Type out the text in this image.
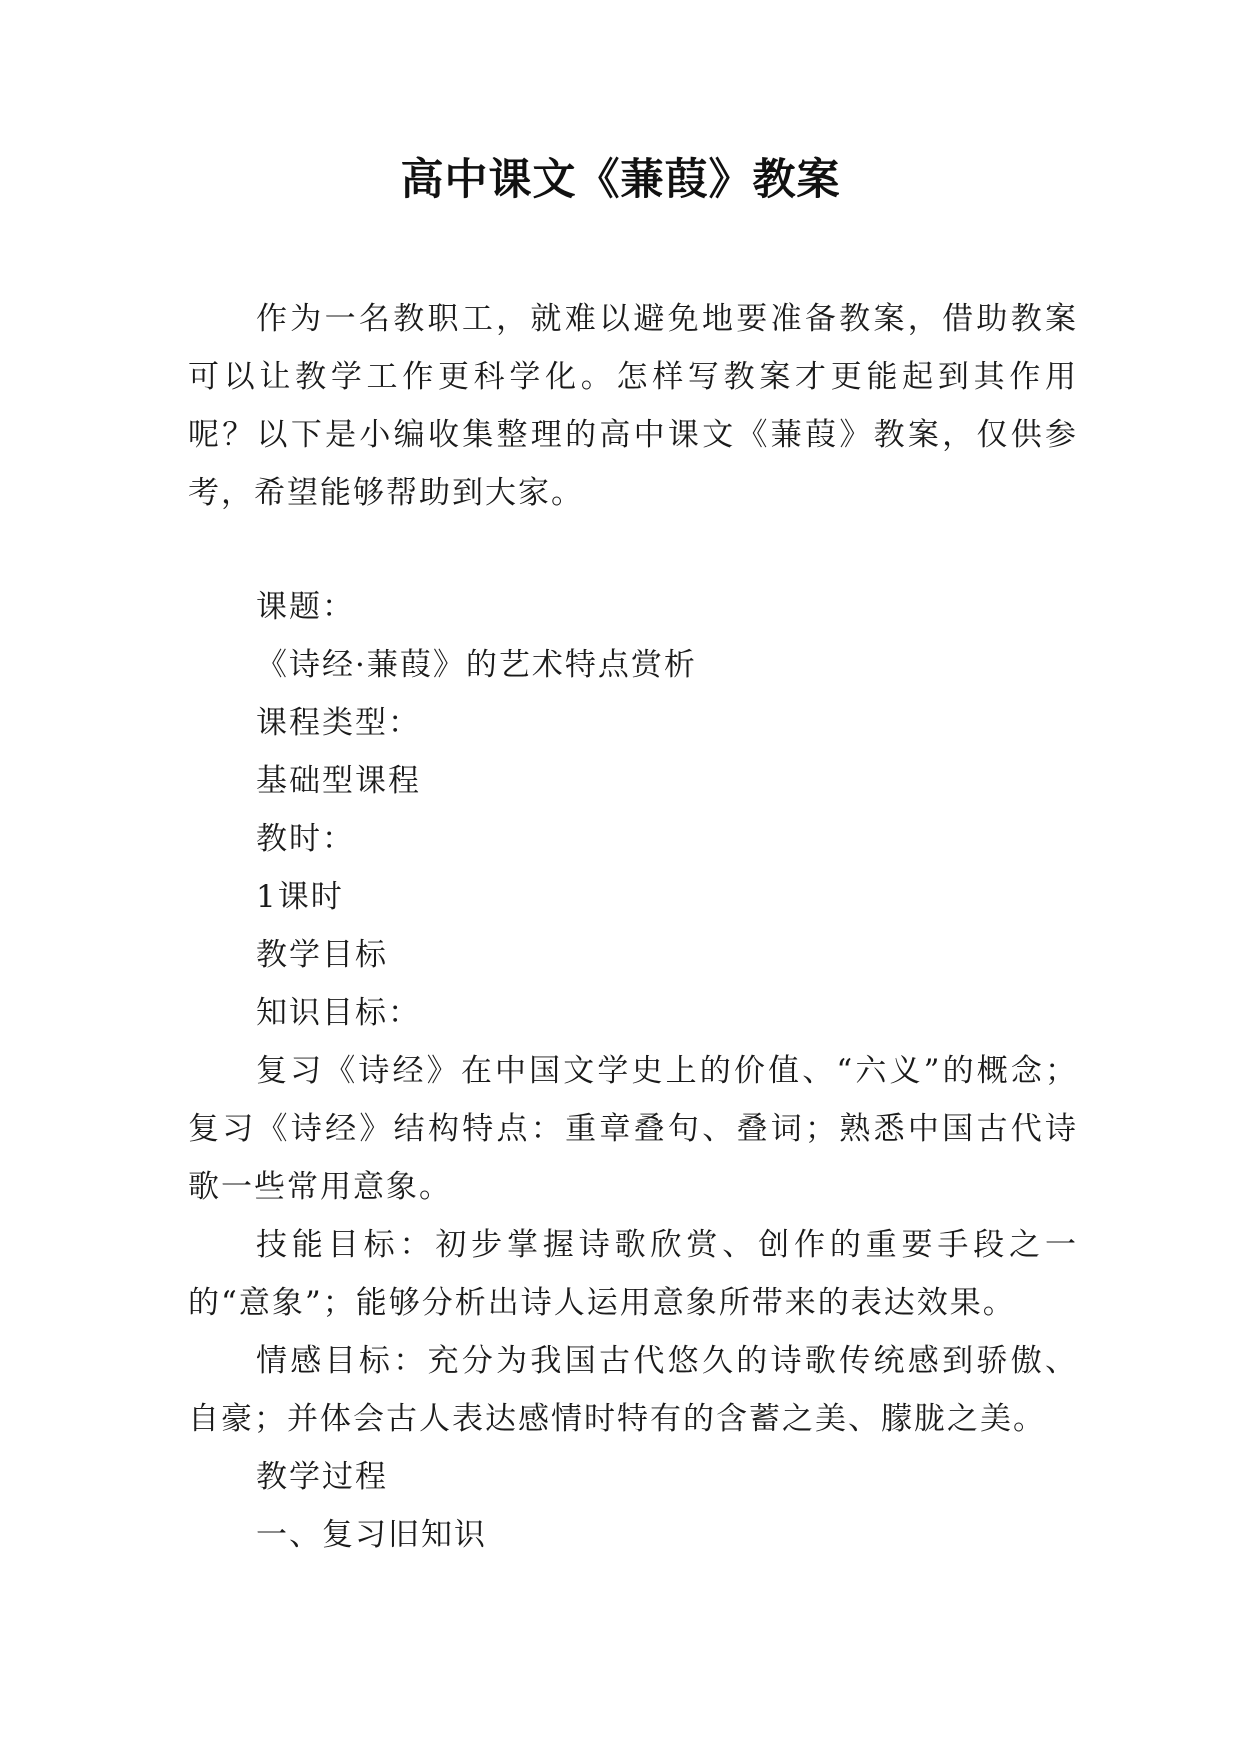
高中课文《蒹葭》教案

作为一名教职工，就难以避免地要准备教案，借助教案可以让教学工作更科学化。怎样写教案才更能起到其作用呢？以下是小编收集整理的高中课文《蒹葭》教案，仅供参考，希望能够帮助到大家。

课题：

《诗经·蒹葭》的艺术特点赏析

课程类型：

基础型课程

教时：

1课时

教学目标

知识目标：

复习《诗经》在中国文学史上的价值、“六义”的概念；复习《诗经》结构特点：重章叠句、叠词；熟悉中国古代诗歌一些常用意象。

技能目标：初步掌握诗歌欣赏、创作的重要手段之一的“意象”；能够分析出诗人运用意象所带来的表达效果。

情感目标：充分为我国古代悠久的诗歌传统感到骄傲、自豪；并体会古人表达感情时特有的含蓄之美、朦胧之美。

教学过程

一、复习旧知识
